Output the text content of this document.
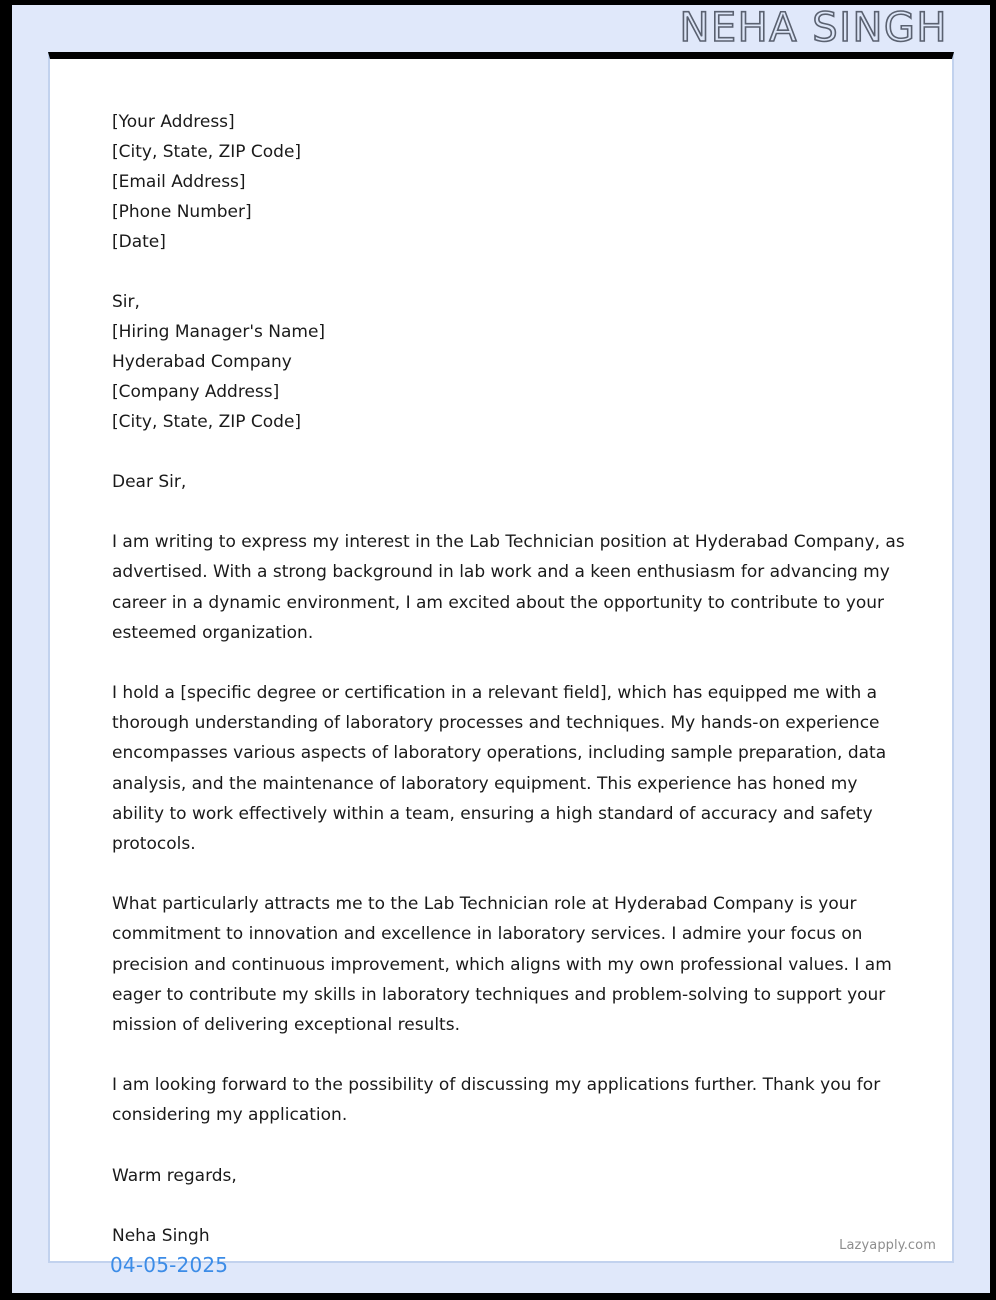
NEHA SINGH
[Your Address]
[City, State, ZIP Code]
[Email Address]
[Phone Number]
[Date]
Sir,
[Hiring Manager's Name]
Hyderabad Company
[Company Address]
[City, State, ZIP Code]

Dear Sir,

I am writing to express my interest in the Lab Technician position at Hyderabad Company, as advertised. With a strong background in lab work and a keen enthusiasm for advancing my career in a dynamic environment, I am excited about the opportunity to contribute to your esteemed organization.

I hold a [specific degree or certification in a relevant field], which has equipped me with a thorough understanding of laboratory processes and techniques. My hands-on experience encompasses various aspects of laboratory operations, including sample preparation, data analysis, and the maintenance of laboratory equipment. This experience has honed my ability to work effectively within a team, ensuring a high standard of accuracy and safety protocols.

What particularly attracts me to the Lab Technician role at Hyderabad Company is your commitment to innovation and excellence in laboratory services. I admire your focus on precision and continuous improvement, which aligns with my own professional values. I am eager to contribute my skills in laboratory techniques and problem-solving to support your mission of delivering exceptional results.

I am looking forward to the possibility of discussing my applications further. Thank you for considering my application.

Warm regards,

Neha Singh	Lazyapply.com
04-05-2025
